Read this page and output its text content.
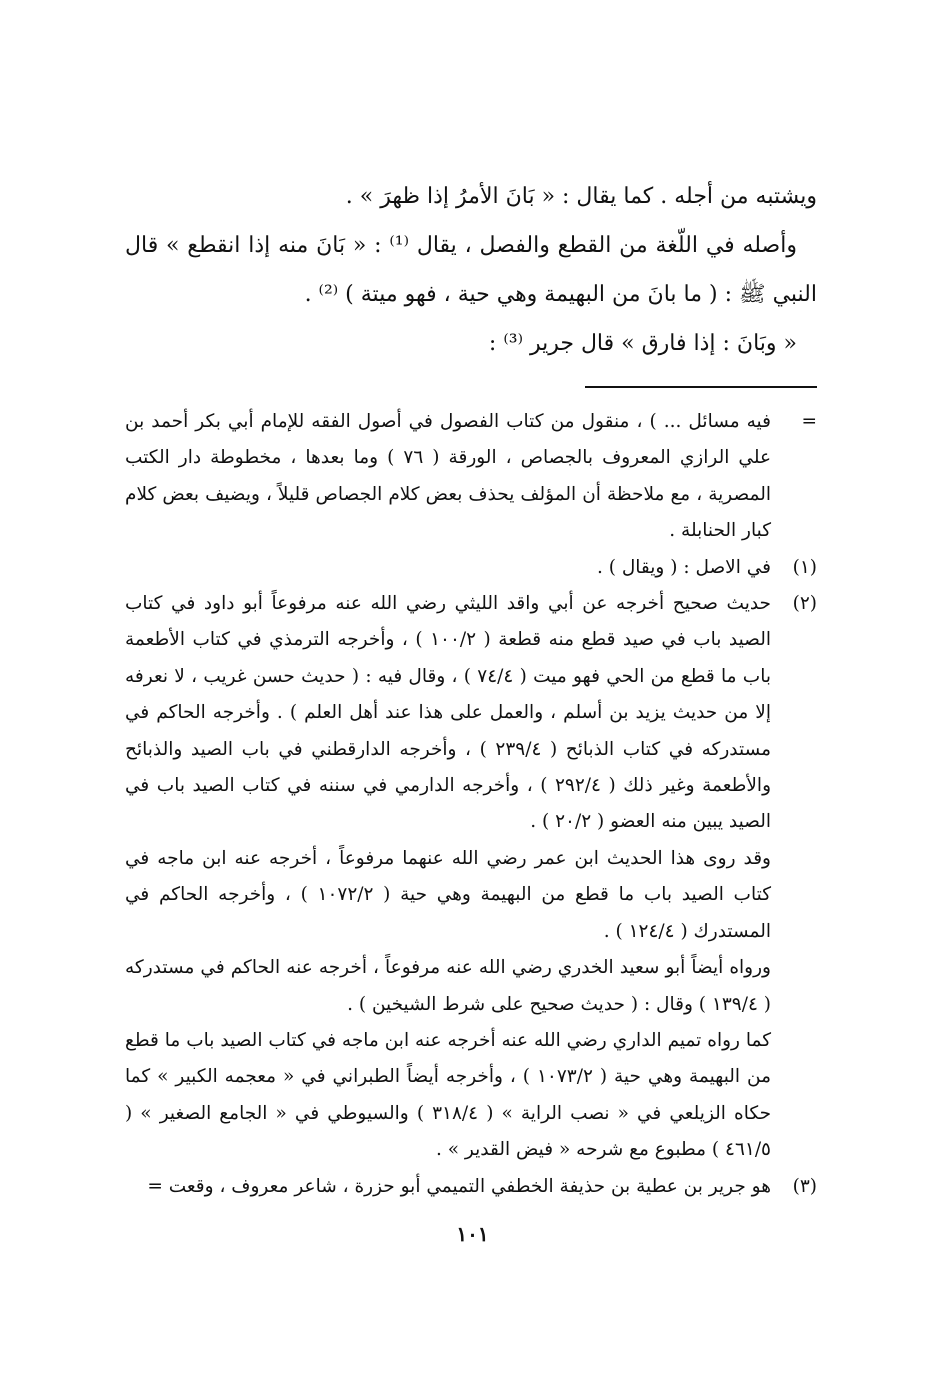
ويشتبه من أجله . كما يقال : « بَانَ الأمرُ إذا ظهرَ » .

وأصله في اللّغة من القطع والفصل ، يقال ⁽¹⁾ : « بَانَ منه إذا انقطع » قال النبي ﷺ : ( ما بانَ من البهيمة وهي حية ، فهو ميتة ) ⁽²⁾ .

« وبَانَ : إذا فارق » قال جرير ⁽³⁾ :

=

فيه مسائل ... ) ، منقول من كتاب الفصول في أصول الفقه للإمام أبي بكر أحمد بن علي الرازي المعروف بالجصاص ، الورقة ( ٧٦ ) وما بعدها ، مخطوطة دار الكتب المصرية ، مع ملاحظة أن المؤلف يحذف بعض كلام الجصاص قليلاً ، ويضيف بعض كلام كبار الحنابلة .

(١)

في الاصل : ( ويقال ) .

(٢)

حديث صحيح أخرجه عن أبي واقد الليثي رضي الله عنه مرفوعاً أبو داود في كتاب الصيد باب في صيد قطع منه قطعة ( ١٠٠/٢ ) ، وأخرجه الترمذي في كتاب الأطعمة باب ما قطع من الحي فهو ميت ( ٧٤/٤ ) ، وقال فيه : ( حديث حسن غريب ، لا نعرفه إلا من حديث يزيد بن أسلم ، والعمل على هذا عند أهل العلم ) . وأخرجه الحاكم في مستدركه في كتاب الذبائح ( ٢٣٩/٤ ) ، وأخرجه الدارقطني في باب الصيد والذبائح والأطعمة وغير ذلك ( ٢٩٢/٤ ) ، وأخرجه الدارمي في سننه في كتاب الصيد باب في الصيد يبين منه العضو ( ٢٠/٢ ) .

وقد روى هذا الحديث ابن عمر رضي الله عنهما مرفوعاً ، أخرجه عنه ابن ماجه في كتاب الصيد باب ما قطع من البهيمة وهي حية ( ١٠٧٢/٢ ) ، وأخرجه الحاكم في المستدرك ( ١٢٤/٤ ) .

ورواه أيضاً أبو سعيد الخدري رضي الله عنه مرفوعاً ، أخرجه عنه الحاكم في مستدركه ( ١٣٩/٤ ) وقال : ( حديث صحيح على شرط الشيخين ) .

كما رواه تميم الداري رضي الله عنه أخرجه عنه ابن ماجه في كتاب الصيد باب ما قطع من البهيمة وهي حية ( ١٠٧٣/٢ ) ، وأخرجه أيضاً الطبراني في « معجمه الكبير » كما حكاه الزيلعي في « نصب الراية » ( ٣١٨/٤ ) والسيوطي في « الجامع الصغير » ( ٤٦١/٥ ) مطبوع مع شرحه « فيض القدير » .

(٣)

هو جرير بن عطية بن حذيفة الخطفي التميمي أبو حزرة ، شاعر معروف ، وقعت =

١٠١
